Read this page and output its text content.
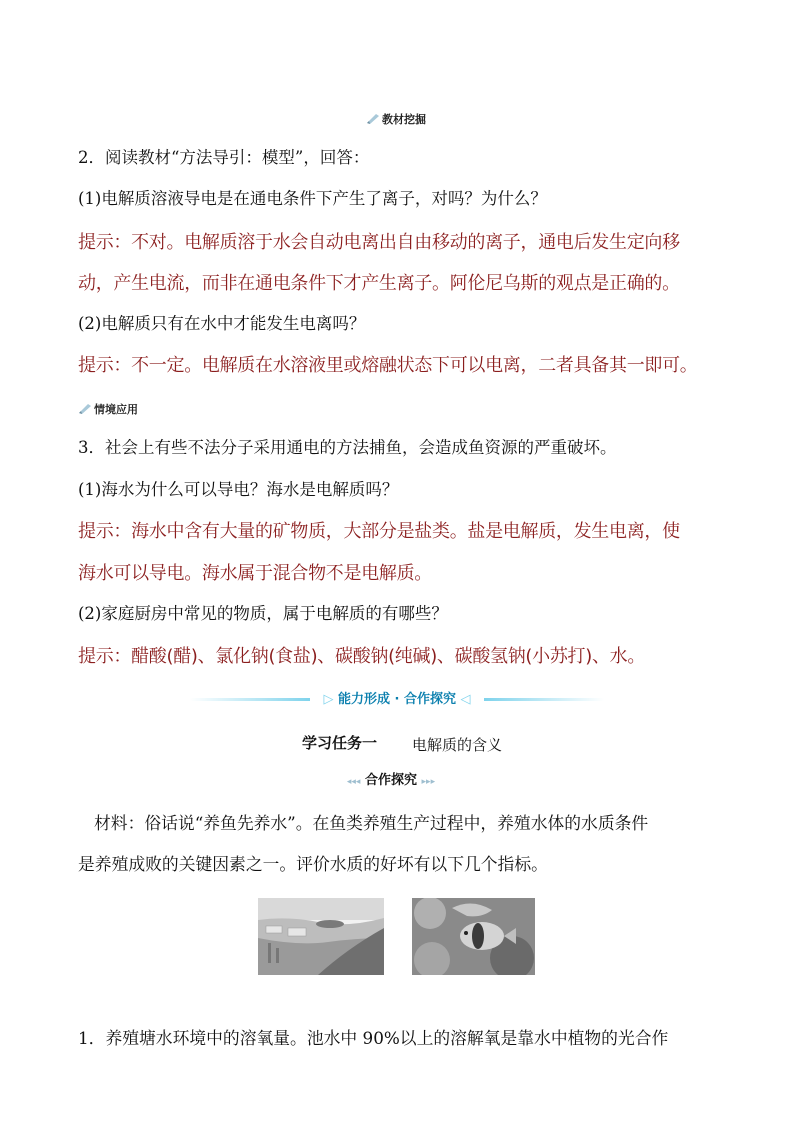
教材挖掘
2．阅读教材“方法导引：模型”，回答：
(1)电解质溶液导电是在通电条件下产生了离子，对吗？为什么？
提示：不对。电解质溶于水会自动电离出自由移动的离子，通电后发生定向移
动，产生电流，而非在通电条件下才产生离子。阿伦尼乌斯的观点是正确的。
(2)电解质只有在水中才能发生电离吗？
提示：不一定。电解质在水溶液里或熔融状态下可以电离，二者具备其一即可。
情境应用
3．社会上有些不法分子采用通电的方法捕鱼，会造成鱼资源的严重破坏。
(1)海水为什么可以导电？海水是电解质吗？
提示：海水中含有大量的矿物质，大部分是盐类。盐是电解质，发生电离，使
海水可以导电。海水属于混合物不是电解质。
(2)家庭厨房中常见的物质，属于电解质的有哪些？
提示：醋酸(醋)、氯化钠(食盐)、碳酸钠(纯碱)、碳酸氢钠(小苏打)、水。
▷ 能力形成 · 合作探究 ◁
学习任务一 电解质的含义
◂◂◂ 合作探究 ▸▸▸
材料：俗话说“养鱼先养水”。在鱼类养殖生产过程中，养殖水体的水质条件
是养殖成败的关键因素之一。评价水质的好坏有以下几个指标。
1．养殖塘水环境中的溶氧量。池水中 90%以上的溶解氧是靠水中植物的光合作
